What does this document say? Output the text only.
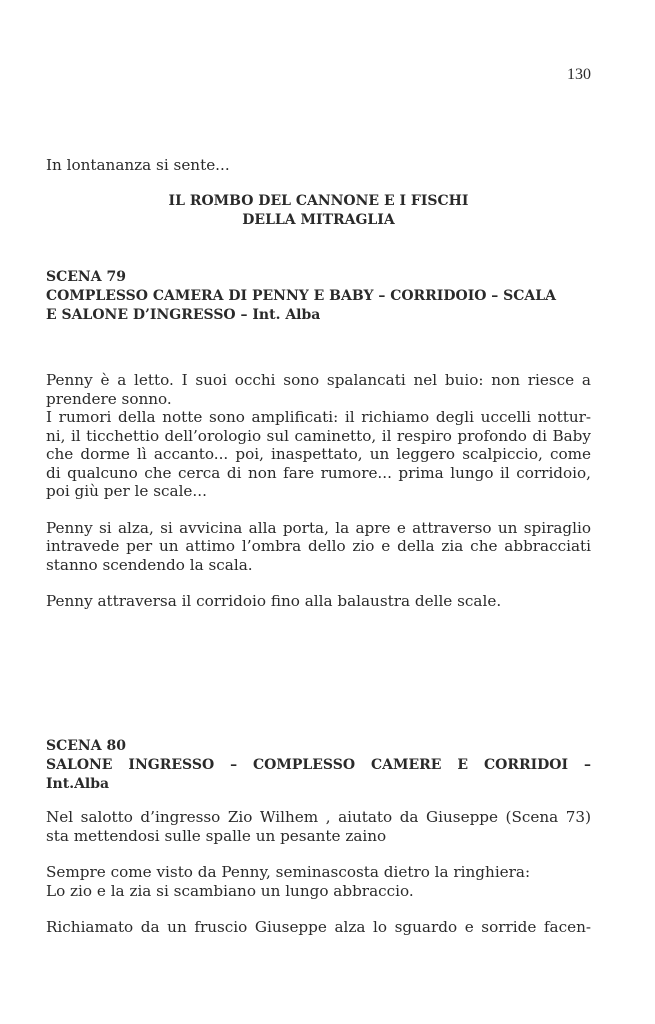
130

In lontananza si sente...

IL ROMBO DEL CANNONE E I FISCHI
DELLA MITRAGLIA

SCENA 79

COMPLESSO CAMERA DI PENNY E BABY – CORRIDOIO – SCALA

E SALONE D’INGRESSO – Int. Alba

Penny è a letto. I suoi occhi sono spalancati nel buio: non riesce a
prendere sonno.
I rumori della notte sono amplificati: il richiamo degli uccelli nottur-
ni, il ticchettio dell’orologio sul caminetto, il respiro profondo di Baby
che dorme lì accanto... poi, inaspettato, un leggero scalpiccio, come
di qualcuno che cerca di non fare rumore... prima lungo il corridoio,
poi giù per le scale...
Penny si alza, si avvicina alla porta, la apre e attraverso un spiraglio
intravede per un attimo l’ombra dello zio e della zia che abbracciati
stanno scendendo la scala.
Penny attraversa il corridoio fino alla balaustra delle scale.

SCENA 80

SALONE INGRESSO – COMPLESSO CAMERE E CORRIDOI –

Int.Alba

Nel salotto d’ingresso Zio Wilhem , aiutato da Giuseppe (Scena 73)
sta mettendosi sulle spalle un pesante zaino
Sempre come visto da Penny, seminascosta dietro la ringhiera:
Lo zio e la zia si scambiano un lungo abbraccio.
Richiamato da un fruscio Giuseppe alza lo sguardo e sorride facen-
